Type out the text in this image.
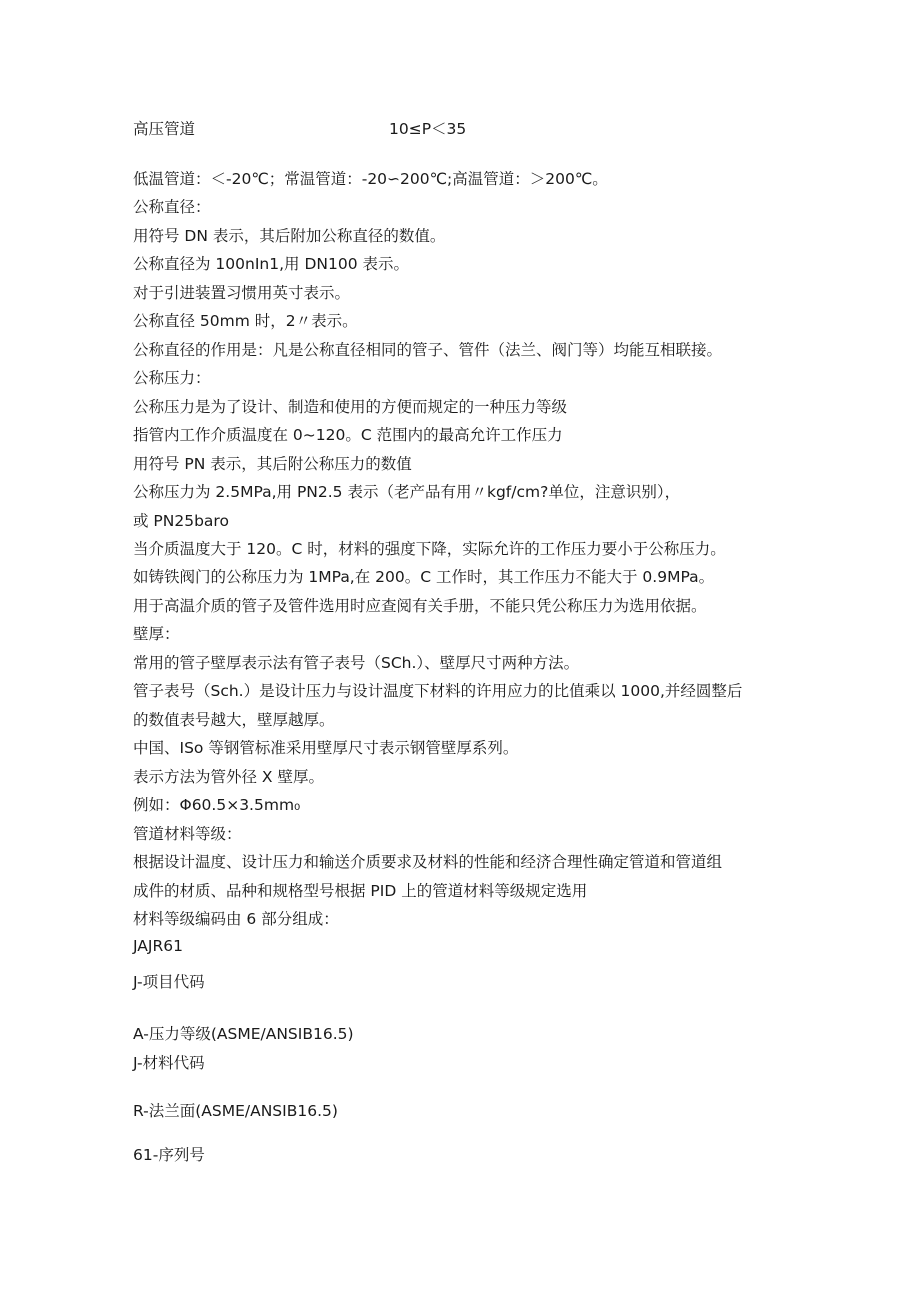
高压管道	10≤P＜35
低温管道：＜-20℃；常温管道：-20∽200℃;高温管道：＞200℃。
公称直径：
用符号 DN 表示，其后附加公称直径的数值。
公称直径为 100nIn1,用 DN100 表示。
对于引进装置习惯用英寸表示。
公称直径 50mm 时，2〃表示。
公称直径的作用是：凡是公称直径相同的管子、管件（法兰、阀门等）均能互相联接。
公称压力：
公称压力是为了设计、制造和使用的方便而规定的一种压力等级
指管内工作介质温度在 0~120。C 范围内的最高允许工作压力
用符号 PN 表示，其后附公称压力的数值
公称压力为 2.5MPa,用 PN2.5 表示（老产品有用〃kgf/cm?单位，注意识别），
或 PN25baro
当介质温度大于 120。C 时，材料的强度下降，实际允许的工作压力要小于公称压力。
如铸铁阀门的公称压力为 1MPa,在 200。C 工作时，其工作压力不能大于 0.9MPa。
用于高温介质的管子及管件选用时应查阅有关手册，不能只凭公称压力为选用依据。
壁厚：
常用的管子壁厚表示法有管子表号（SCh.）、壁厚尺寸两种方法。
管子表号（Sch.）是设计压力与设计温度下材料的许用应力的比值乘以 1000,并经圆整后
的数值表号越大，壁厚越厚。
中国、ISo 等钢管标准采用壁厚尺寸表示钢管壁厚系列。
表示方法为管外径 X 壁厚。
例如：Φ60.5×3.5mm₀
管道材料等级：
根据设计温度、设计压力和输送介质要求及材料的性能和经济合理性确定管道和管道组
成件的材质、品种和规格型号根据 PID 上的管道材料等级规定选用
材料等级编码由 6 部分组成：
JAJR61
J-项目代码
A-压力等级(ASME/ANSIB16.5)
J-材料代码
R-法兰面(ASME/ANSIB16.5)
61-序列号
